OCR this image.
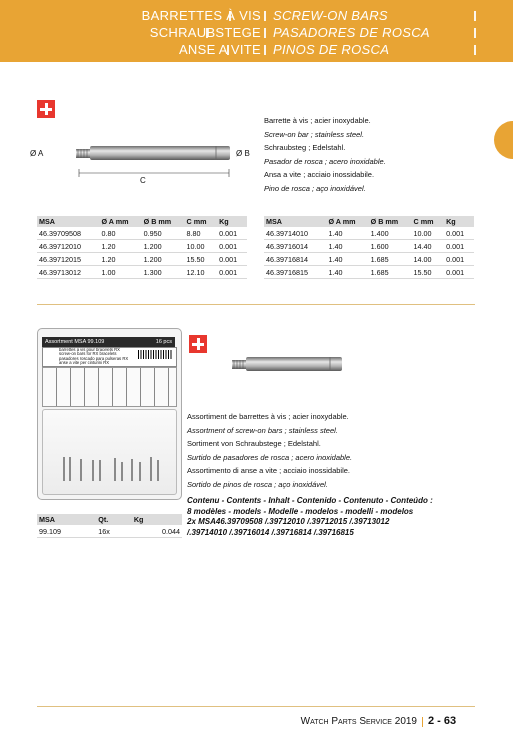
BARRETTES À VIS SCREW-ON BARS
SCHRAUBSTEGE PASADORES DE ROSCA
ANSE A VITE PINOS DE ROSCA
Ø A	Ø B
C
Barrette à vis ; acier inoxydable.
Screw-on bar ; stainless steel.
Schraubsteg ; Edelstahl.
Pasador de rosca ; acero inoxidable.
Ansa a vite ; acciaio inossidabile.
Pino de rosca ; aço inoxidável.
MSA	Ø A mm	Ø B mm	C mm	Kg
46.39709508	0.80	0.950	8.80	0.001
46.39712010	1.20	1.200	10.00	0.001
46.39712015	1.20	1.200	15.50	0.001
46.39713012	1.00	1.300	12.10	0.001
MSA	Ø A mm	Ø B mm	C mm	Kg
46.39714010	1.40	1.400	10.00	0.001
46.39716014	1.40	1.600	14.40	0.001
46.39716814	1.40	1.685	14.00	0.001
46.39716815	1.40	1.685	15.50	0.001
Assortment MSA 99.109	16 pcs
barrettes à vis pour bracelets RX
screw-on bars for RX bracelets
pasadores roscado para pulseras RX
anse a vite per cinturini RX
MSA	Qt.	Kg
99.109	16x	0.044
Assortiment de barrettes à vis ; acier inoxydable.
Assortment of screw-on bars ; stainless steel.
Sortiment von Schraubstege ; Edelstahl.
Surtido de pasadores de rosca ; acero inoxidable.
Assortimento di anse a vite ; acciaio inossidabile.
Sortido de pinos de rosca ; aço inoxidável.
Contenu - Contents - Inhalt - Contenido - Contenuto - Conteúdo :
8 modèles - models - Modelle - modelos - modelli - modelos
2x MSA46.39709508 /.39712010 /.39712015 /.39713012
/.39714010 /.39716014 /.39716814 /.39716815
Watch Parts Service 2019 2 - 63
